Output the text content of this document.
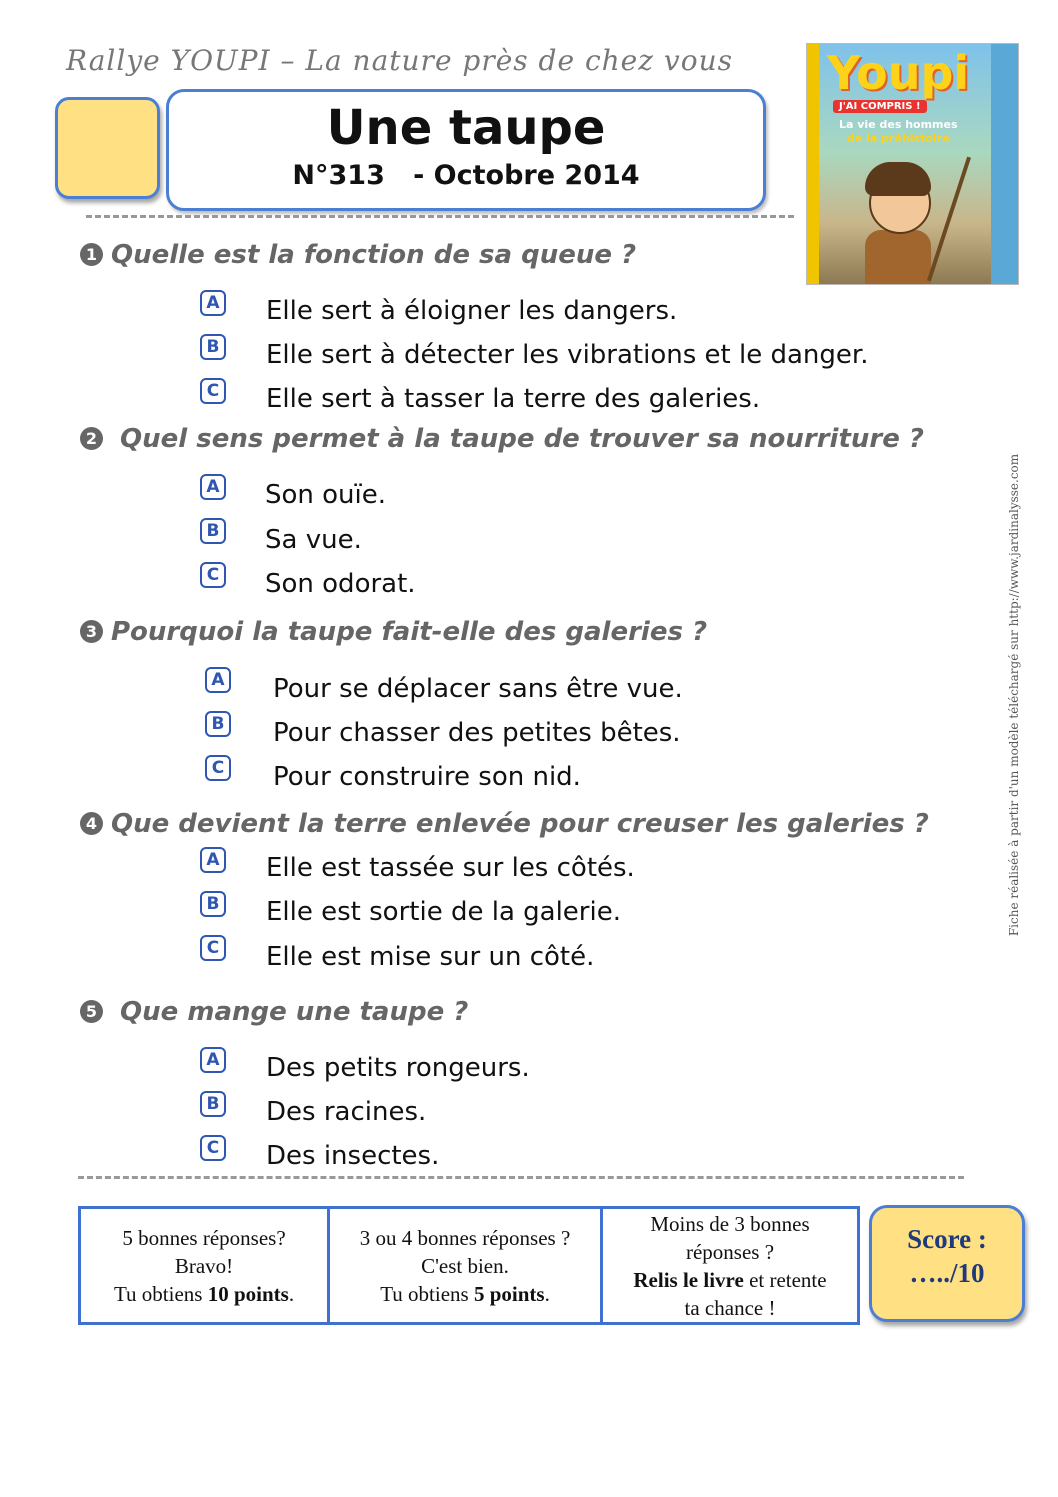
Rallye YOUPI – La nature près de chez vous
Une taupe
N°313   - Octobre 2014
Youpi
J'AI COMPRIS !
La vie des hommes
de la préhistoire
1 Quelle est la fonction de sa queue ?
A Elle sert à éloigner les dangers.
B Elle sert à détecter les vibrations et le danger.
C Elle sert à tasser la terre des galeries.
2 Quel sens permet à la taupe de trouver sa nourriture ?
A Son ouïe.
B Sa vue.
C Son odorat.
3 Pourquoi la taupe fait-elle des galeries ?
A Pour se déplacer sans être vue.
B Pour chasser des petites bêtes.
C Pour construire son nid.
4 Que devient la terre enlevée pour creuser les galeries ?
A Elle est tassée sur les côtés.
B Elle est sortie de la galerie.
C Elle est mise sur un côté.
5 Que mange une taupe ?
A Des petits rongeurs.
B Des racines.
C Des insectes.
Fiche réalisée à partir d'un modèle téléchargé sur http://www.jardinalysse.com
5 bonnes réponses?
Bravo!
Tu obtiens 10 points.
3 ou 4 bonnes réponses ?
C'est bien.
Tu obtiens 5 points.
Moins de 3 bonnes
réponses ?
Relis le livre et retente
ta chance !
Score :
…../10
